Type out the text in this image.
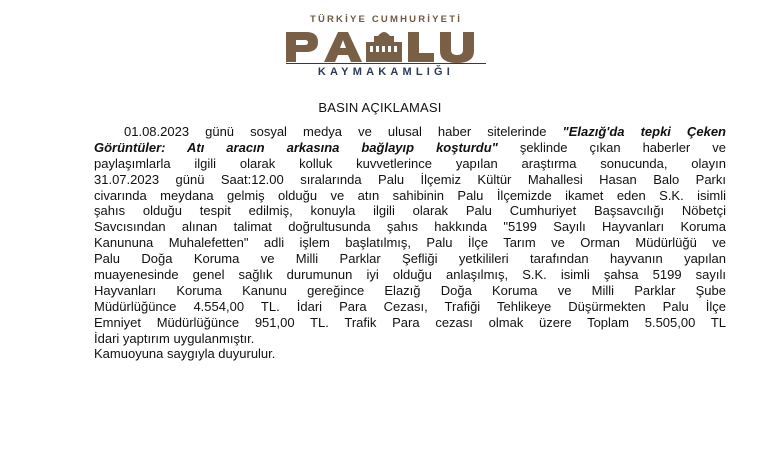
TÜRKİYE CUMHURİYETİ
KAYMAKAMLIĞI
BASIN AÇIKLAMASI
01.08.2023 günü sosyal medya ve ulusal haber sitelerinde "Elazığ'da tepki Çeken
Görüntüler: Atı aracın arkasına bağlayıp koşturdu" şeklinde çıkan haberler ve
paylaşımlarla ilgili olarak kolluk kuvvetlerince yapılan araştırma sonucunda, olayın
31.07.2023 günü Saat:12.00 sıralarında Palu İlçemiz Kültür Mahallesi Hasan Balo Parkı
civarında meydana gelmiş olduğu ve atın sahibinin Palu İlçemizde ikamet eden S.K. isimli
şahıs olduğu tespit edilmiş, konuyla ilgili olarak Palu Cumhuriyet Başsavcılığı Nöbetçi
Savcısından alınan talimat doğrultusunda şahıs hakkında "5199 Sayılı Hayvanları Koruma
Kanununa Muhalefetten" adli işlem başlatılmış, Palu İlçe Tarım ve Orman Müdürlüğü ve
Palu Doğa Koruma ve Milli Parklar Şefliği yetkilileri tarafından hayvanın yapılan
muayenesinde genel sağlık durumunun iyi olduğu anlaşılmış, S.K. isimli şahsa 5199 sayılı
Hayvanları Koruma Kanunu gereğince Elazığ Doğa Koruma ve Milli Parklar Şube
Müdürlüğünce 4.554,00 TL. İdari Para Cezası, Trafiği Tehlikeye Düşürmekten Palu İlçe
Emniyet Müdürlüğünce 951,00 TL. Trafik Para cezası olmak üzere Toplam 5.505,00 TL
İdari yaptırım uygulanmıştır.
Kamuoyuna saygıyla duyurulur.
